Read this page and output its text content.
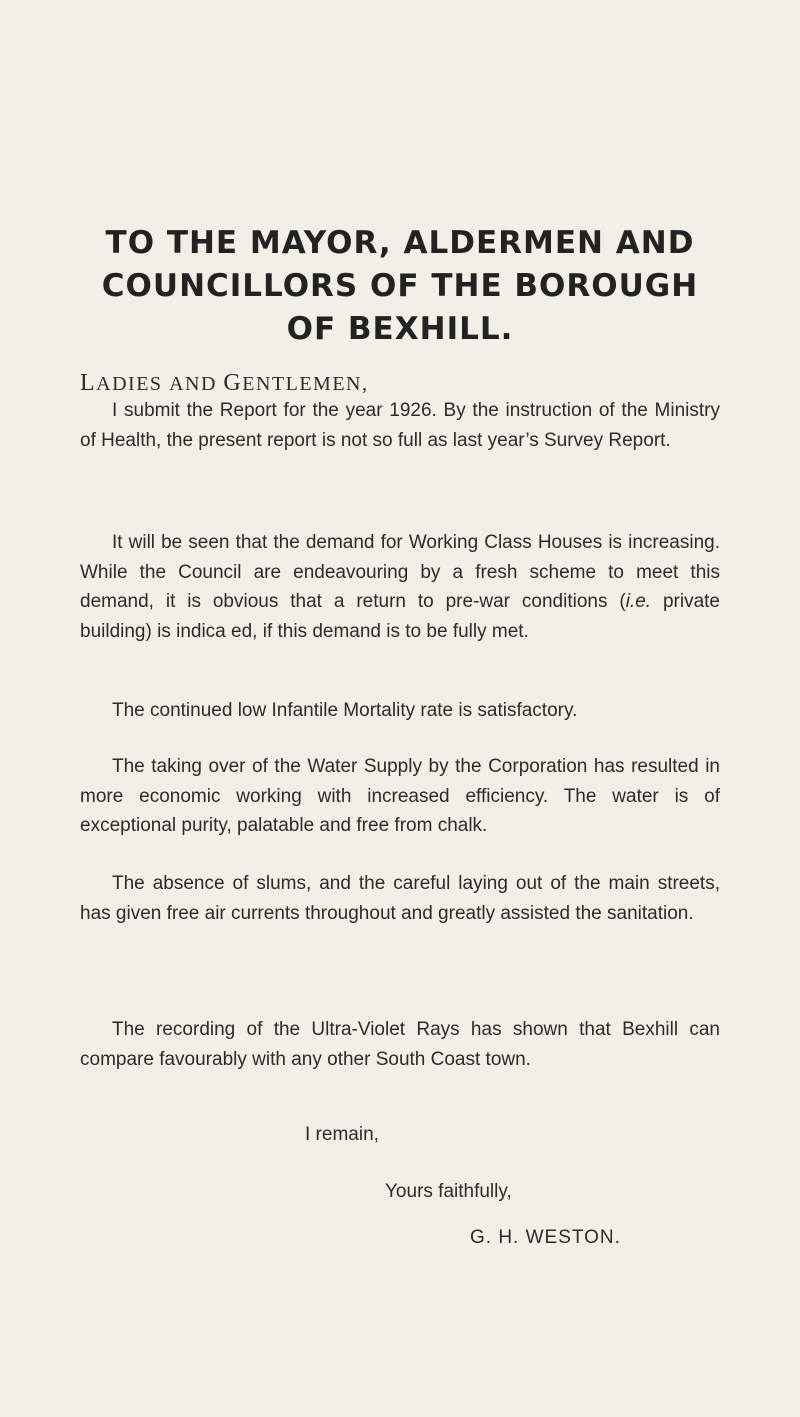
TO THE MAYOR, ALDERMEN AND COUNCILLORS OF THE BOROUGH OF BEXHILL.

LADIES AND GENTLEMEN,

I submit the Report for the year 1926. By the instruction of the Ministry of Health, the present report is not so full as last year’s Survey Report.

It will be seen that the demand for Working Class Houses is increasing. While the Council are endeavouring by a fresh scheme to meet this demand, it is obvious that a return to pre-war conditions (i.e. private building) is indica ed, if this demand is to be fully met.

The continued low Infantile Mortality rate is satisfactory.

The taking over of the Water Supply by the Corporation has resulted in more economic working with increased efficiency. The water is of exceptional purity, palatable and free from chalk.

The absence of slums, and the careful laying out of the main streets, has given free air currents throughout and greatly assisted the sanitation.

The recording of the Ultra-Violet Rays has shown that Bexhill can compare favourably with any other South Coast town.

I remain,

Yours faithfully,

G. H. WESTON.
